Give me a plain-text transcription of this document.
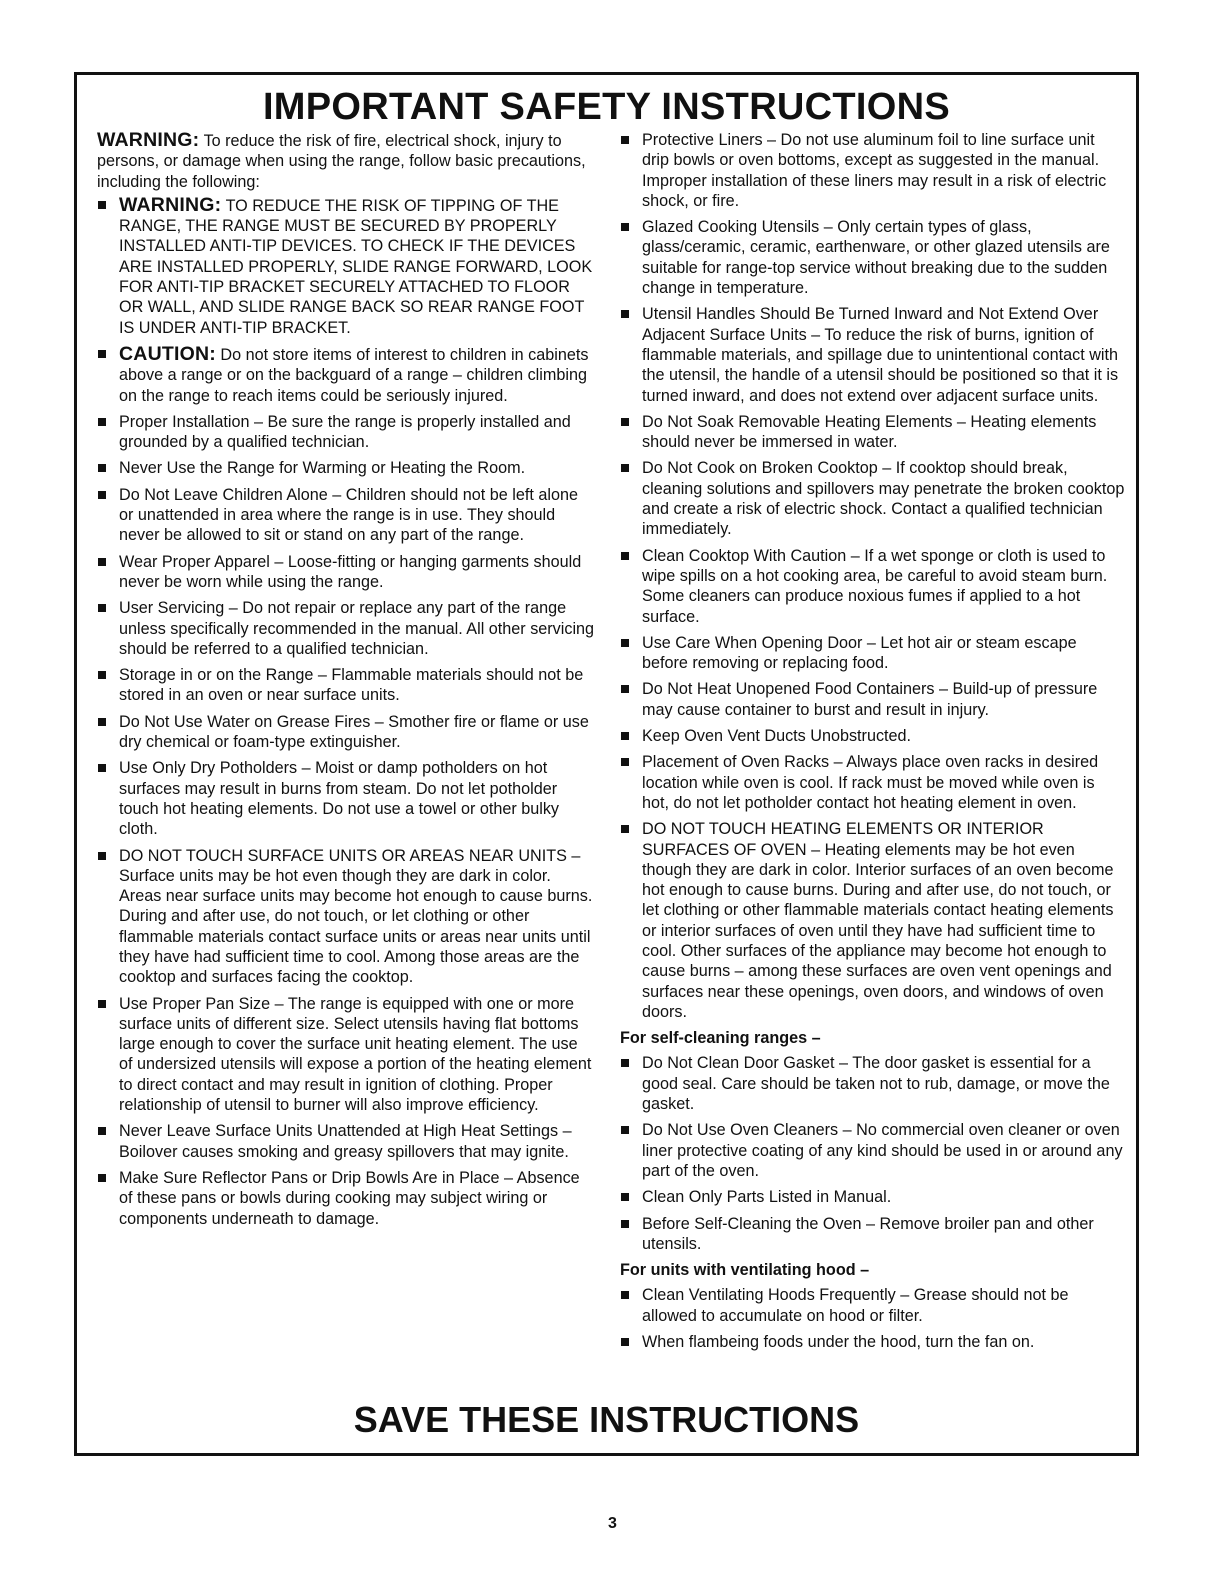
IMPORTANT SAFETY INSTRUCTIONS

WARNING: To reduce the risk of fire, electrical shock, injury to persons, or damage when using the range, follow basic precautions, including the following:

WARNING: TO REDUCE THE RISK OF TIPPING OF THE RANGE, THE RANGE MUST BE SECURED BY PROPERLY INSTALLED ANTI-TIP DEVICES. TO CHECK IF THE DEVICES ARE INSTALLED PROPERLY, SLIDE RANGE FORWARD, LOOK FOR ANTI-TIP BRACKET SECURELY ATTACHED TO FLOOR OR WALL, AND SLIDE RANGE BACK SO REAR RANGE FOOT IS UNDER ANTI-TIP BRACKET.
CAUTION: Do not store items of interest to children in cabinets above a range or on the backguard of a range – children climbing on the range to reach items could be seriously injured.
Proper Installation – Be sure the range is properly installed and grounded by a qualified technician.
Never Use the Range for Warming or Heating the Room.
Do Not Leave Children Alone – Children should not be left alone or unattended in area where the range is in use. They should never be allowed to sit or stand on any part of the range.
Wear Proper Apparel – Loose-fitting or hanging garments should never be worn while using the range.
User Servicing – Do not repair or replace any part of the range unless specifically recommended in the manual. All other servicing should be referred to a qualified technician.
Storage in or on the Range – Flammable materials should not be stored in an oven or near surface units.
Do Not Use Water on Grease Fires – Smother fire or flame or use dry chemical or foam-type extinguisher.
Use Only Dry Potholders – Moist or damp potholders on hot surfaces may result in burns from steam. Do not let potholder touch hot heating elements. Do not use a towel or other bulky cloth.
DO NOT TOUCH SURFACE UNITS OR AREAS NEAR UNITS – Surface units may be hot even though they are dark in color. Areas near surface units may become hot enough to cause burns. During and after use, do not touch, or let clothing or other flammable materials contact surface units or areas near units until they have had sufficient time to cool. Among those areas are the cooktop and surfaces facing the cooktop.
Use Proper Pan Size – The range is equipped with one or more surface units of different size. Select utensils having flat bottoms large enough to cover the surface unit heating element. The use of undersized utensils will expose a portion of the heating element to direct contact and may result in ignition of clothing. Proper relationship of utensil to burner will also improve efficiency.
Never Leave Surface Units Unattended at High Heat Settings – Boilover causes smoking and greasy spillovers that may ignite.
Make Sure Reflector Pans or Drip Bowls Are in Place – Absence of these pans or bowls during cooking may subject wiring or components underneath to damage.
Protective Liners – Do not use aluminum foil to line surface unit drip bowls or oven bottoms, except as suggested in the manual. Improper installation of these liners may result in a risk of electric shock, or fire.
Glazed Cooking Utensils – Only certain types of glass, glass/ceramic, ceramic, earthenware, or other glazed utensils are suitable for range-top service without breaking due to the sudden change in temperature.
Utensil Handles Should Be Turned Inward and Not Extend Over Adjacent Surface Units – To reduce the risk of burns, ignition of flammable materials, and spillage due to unintentional contact with the utensil, the handle of a utensil should be positioned so that it is turned inward, and does not extend over adjacent surface units.
Do Not Soak Removable Heating Elements – Heating elements should never be immersed in water.
Do Not Cook on Broken Cooktop – If cooktop should break, cleaning solutions and spillovers may penetrate the broken cooktop and create a risk of electric shock. Contact a qualified technician immediately.
Clean Cooktop With Caution – If a wet sponge or cloth is used to wipe spills on a hot cooking area, be careful to avoid steam burn. Some cleaners can produce noxious fumes if applied to a hot surface.
Use Care When Opening Door – Let hot air or steam escape before removing or replacing food.
Do Not Heat Unopened Food Containers – Build-up of pressure may cause container to burst and result in injury.
Keep Oven Vent Ducts Unobstructed.
Placement of Oven Racks – Always place oven racks in desired location while oven is cool. If rack must be moved while oven is hot, do not let potholder contact hot heating element in oven.
DO NOT TOUCH HEATING ELEMENTS OR INTERIOR SURFACES OF OVEN – Heating elements may be hot even though they are dark in color. Interior surfaces of an oven become hot enough to cause burns. During and after use, do not touch, or let clothing or other flammable materials contact heating elements or interior surfaces of oven until they have had sufficient time to cool. Other surfaces of the appliance may become hot enough to cause burns – among these surfaces are oven vent openings and surfaces near these openings, oven doors, and windows of oven doors.
For self-cleaning ranges –
Do Not Clean Door Gasket – The door gasket is essential for a good seal. Care should be taken not to rub, damage, or move the gasket.
Do Not Use Oven Cleaners – No commercial oven cleaner or oven liner protective coating of any kind should be used in or around any part of the oven.
Clean Only Parts Listed in Manual.
Before Self-Cleaning the Oven – Remove broiler pan and other utensils.
For units with ventilating hood –
Clean Ventilating Hoods Frequently – Grease should not be allowed to accumulate on hood or filter.
When flambeing foods under the hood, turn the fan on.
SAVE THESE INSTRUCTIONS
3
